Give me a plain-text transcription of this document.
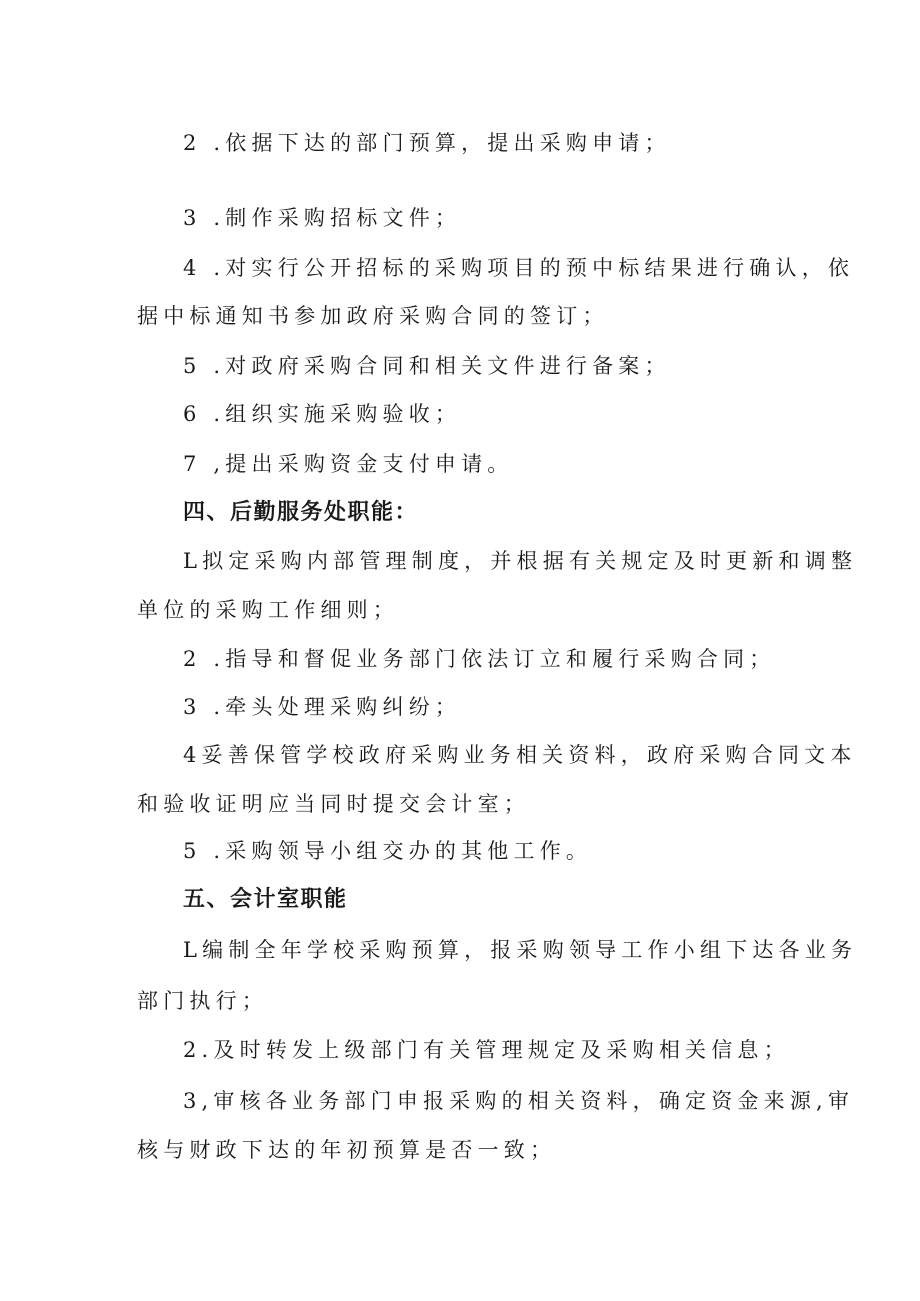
2 .依据下达的部门预算，提出采购申请；
3 .制作采购招标文件；
4 .对实行公开招标的采购项目的预中标结果进行确认，依
据中标通知书参加政府采购合同的签订；
5 .对政府采购合同和相关文件进行备案；
6 .组织实施采购验收；
7 ,提出采购资金支付申请。
四、后勤服务处职能：
L拟定采购内部管理制度，并根据有关规定及时更新和调整
单位的采购工作细则；
2 .指导和督促业务部门依法订立和履行采购合同；
3 .牵头处理采购纠纷；
4妥善保管学校政府采购业务相关资料，政府采购合同文本
和验收证明应当同时提交会计室；
5 .采购领导小组交办的其他工作。
五、会计室职能
L编制全年学校采购预算，报采购领导工作小组下达各业务
部门执行；
2.及时转发上级部门有关管理规定及采购相关信息；
3,审核各业务部门申报采购的相关资料，确定资金来源,审
核与财政下达的年初预算是否一致；
